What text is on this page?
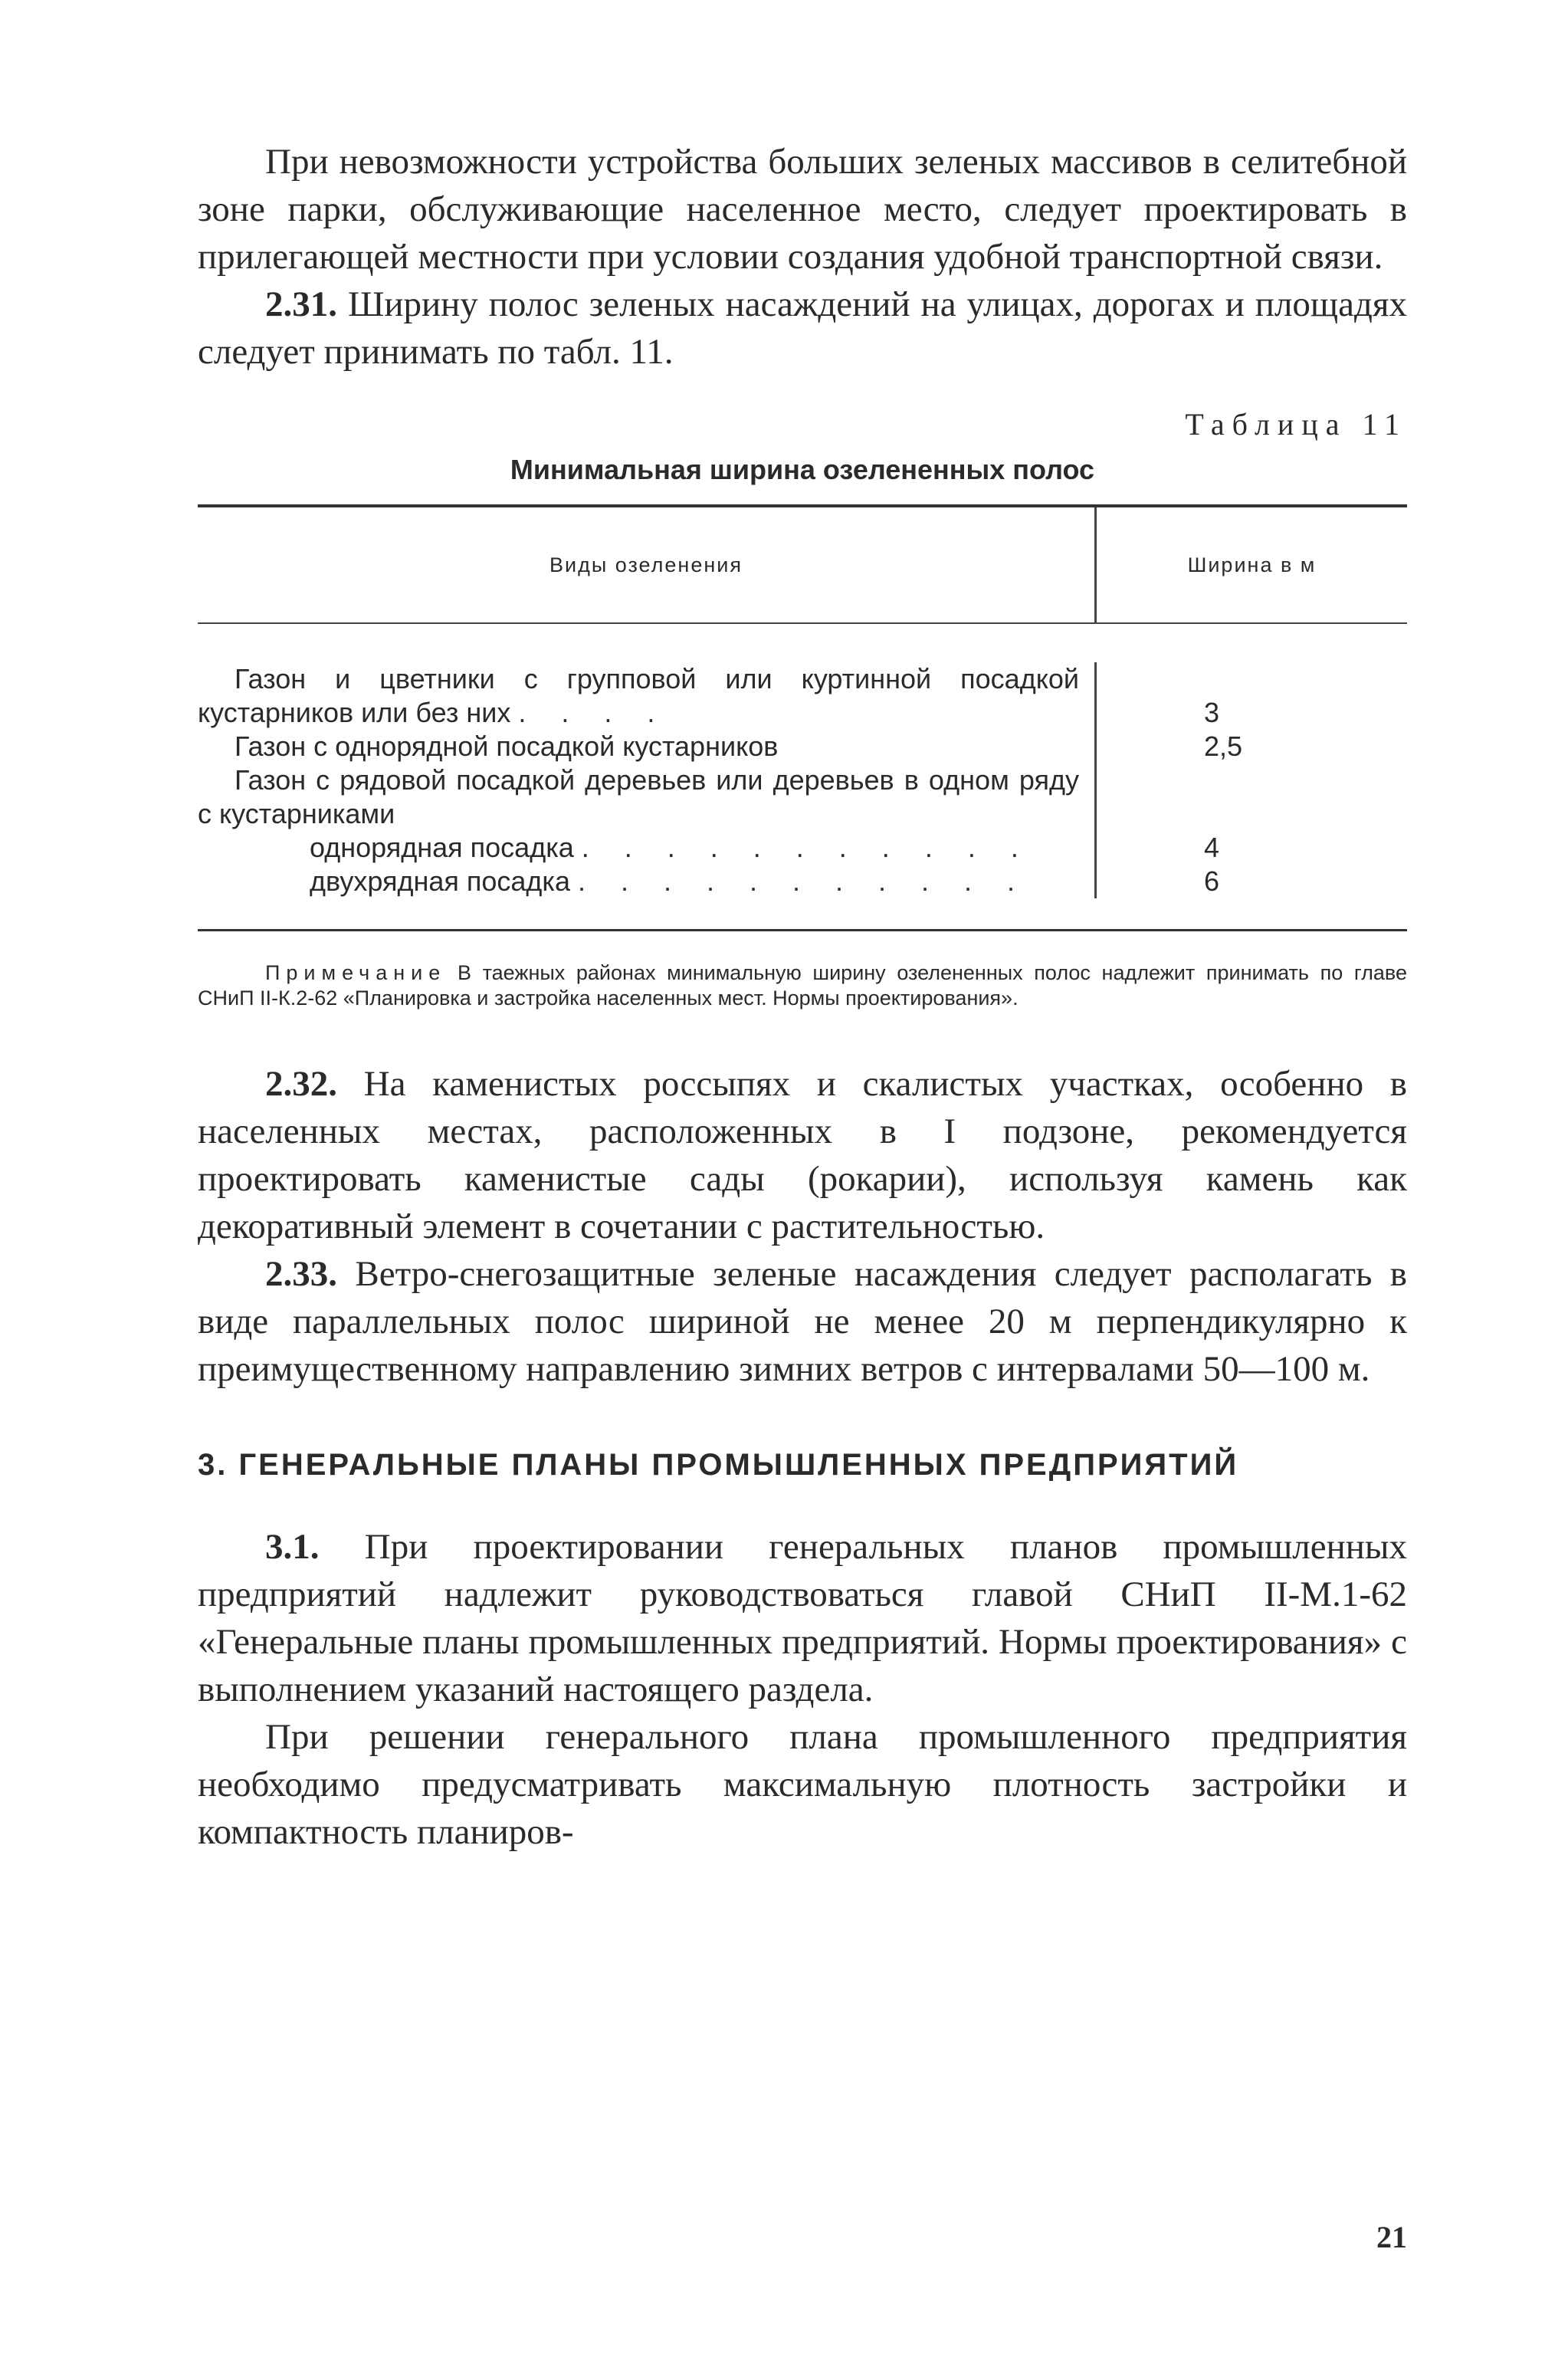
При невозможности устройства больших зеленых массивов в селитебной зоне парки, обслуживающие населенное место, следует проектировать в прилегающей местности при условии создания удобной транспортной связи.

2.31. Ширину полос зеленых насаждений на улицах, дорогах и площадях следует принимать по табл. 11.

Таблица 11
Минимальная ширина озелененных полос
Виды озеленения	Ширина в м
Газон и цветники с групповой или куртинной посадкой кустарников или без них . . . .
Газон с однорядной посадкой кустарников
Газон с рядовой посадкой деревьев или деревьев в одном ряду с кустарниками
однорядная посадка . . . . . . . . . . .
двухрядная посадка . . . . . . . . . . .
3
2,5
4
6

Примечание В таежных районах минимальную ширину озелененных полос надлежит принимать по главе СНиП II-К.2-62 «Планировка и застройка населенных мест. Нормы проектирования».

2.32. На каменистых россыпях и скалистых участках, особенно в населенных местах, расположенных в I подзоне, рекомендуется проектировать каменистые сады (рокарии), используя камень как декоративный элемент в сочетании с растительностью.

2.33. Ветро-снегозащитные зеленые насаждения следует располагать в виде параллельных полос шириной не менее 20 м перпендикулярно к преимущественному направлению зимних ветров с интервалами 50—100 м.

3. ГЕНЕРАЛЬНЫЕ ПЛАНЫ ПРОМЫШЛЕННЫХ ПРЕДПРИЯТИЙ

3.1. При проектировании генеральных планов промышленных предприятий надлежит руководствоваться главой СНиП II-М.1-62 «Генеральные планы промышленных предприятий. Нормы проектирования» с выполнением указаний настоящего раздела.

При решении генерального плана промышленного предприятия необходимо предусматривать максимальную плотность застройки и компактность планиров-

21
